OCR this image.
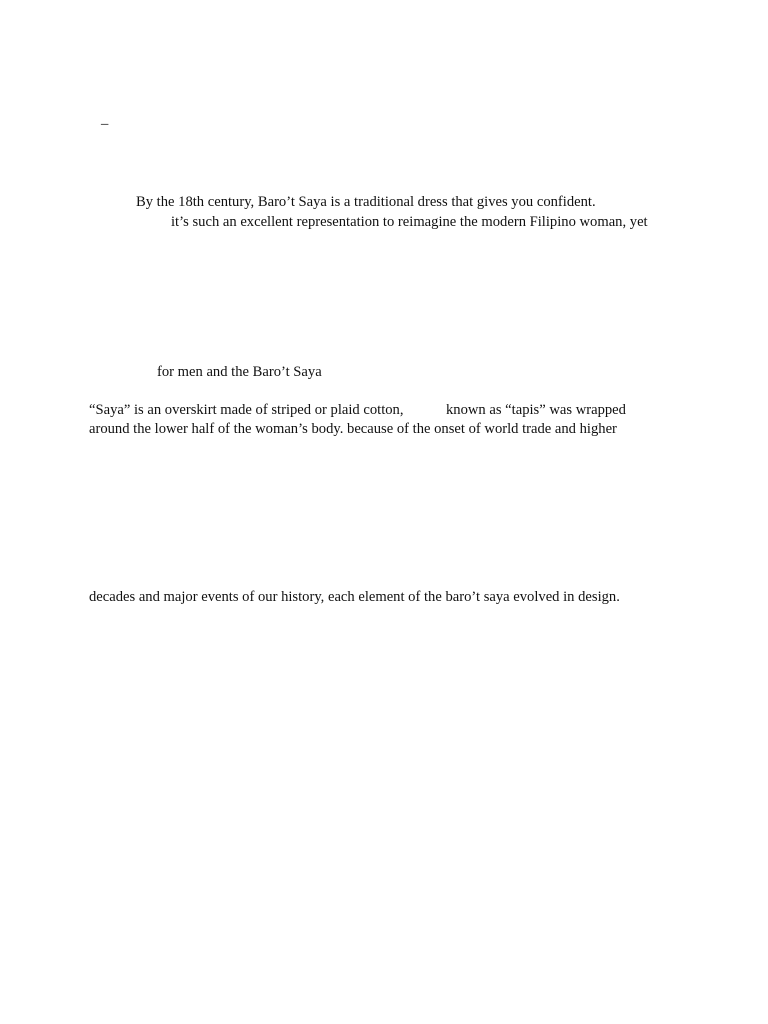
_
By the 18th century, Baro’t Saya is a traditional dress that gives you confident.
it’s such an excellent representation to reimagine the modern Filipino woman, yet
for men and the Baro’t Saya
“Saya” is an overskirt made of striped or plaid cotton,	known as “tapis” was wrapped
around the lower half of the woman’s body. because of the onset of world trade and higher
decades and major events of our history, each element of the baro’t saya evolved in design.
